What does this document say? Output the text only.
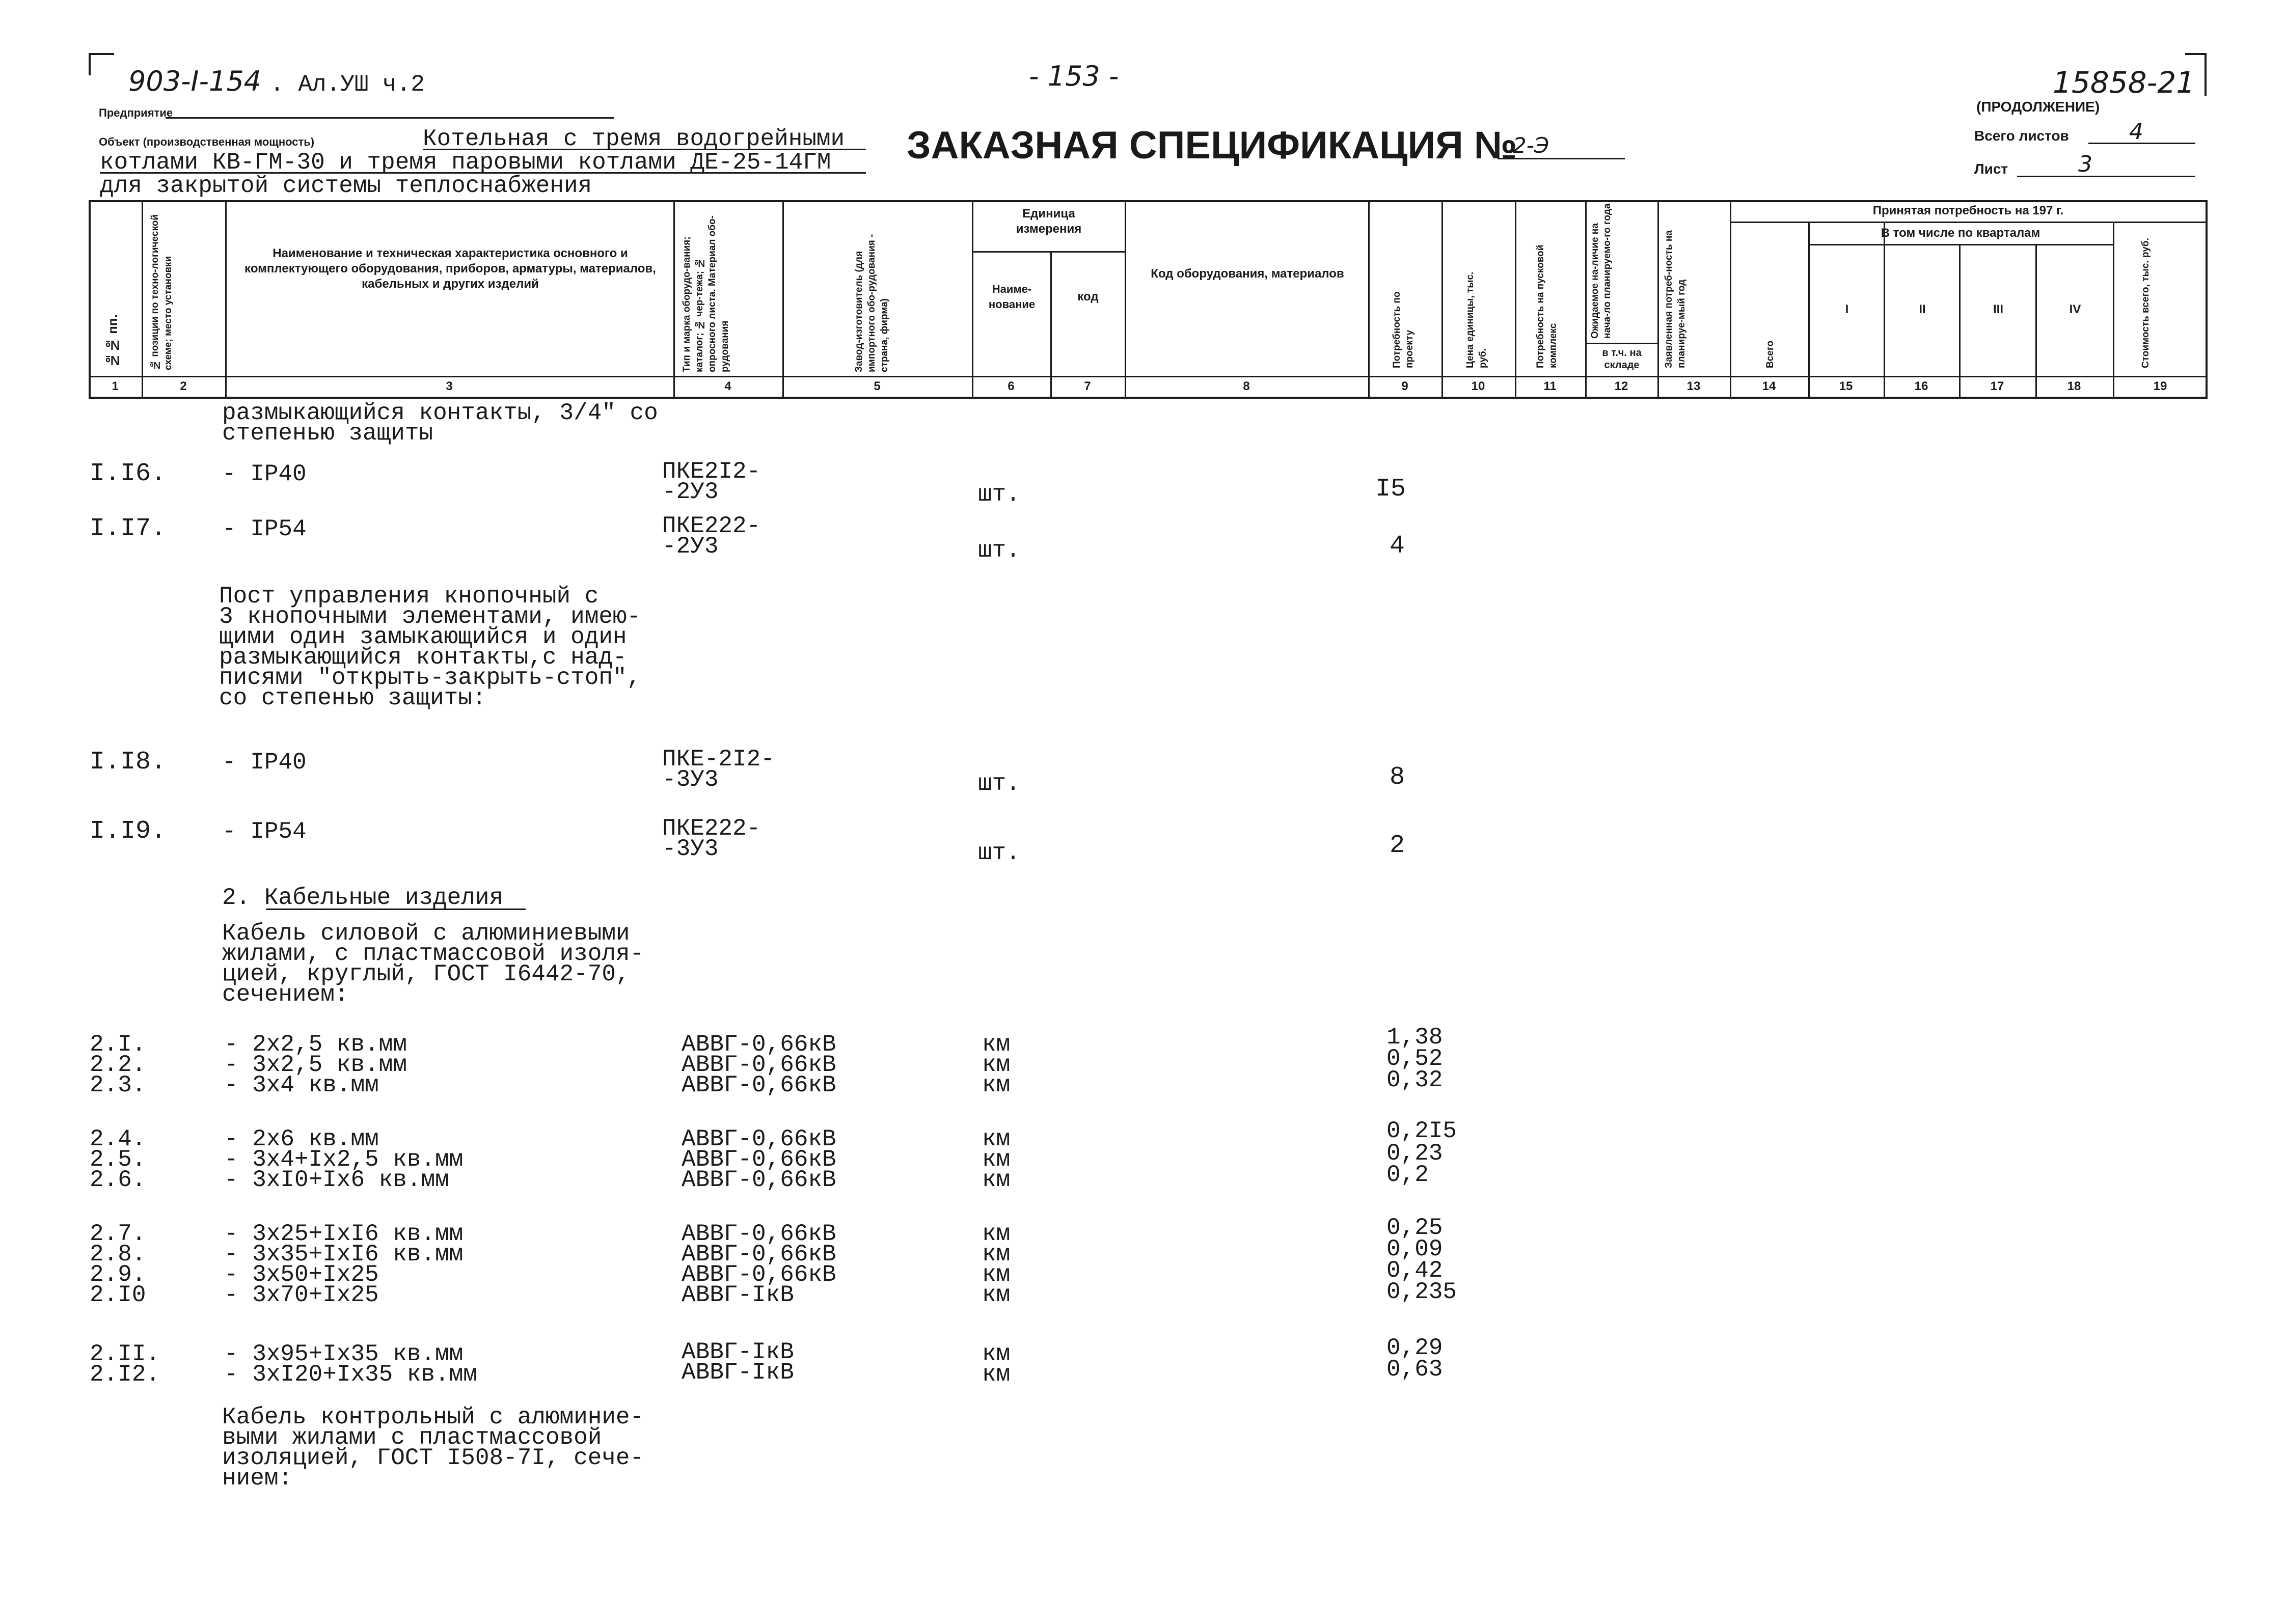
903-I-154 . Ал.УШ ч.2	- 153 -	15858-21
(ПРОДОЛЖЕНИЕ)
Предприятие
Объект (производственная мощность)	Котельная с тремя водогрейными
котлами КВ-ГМ-30 и тремя паровыми котлами ДЕ-25-14ГМ
для закрытой системы теплоснабжения
ЗАКАЗНАЯ СПЕЦИФИКАЦИЯ №
2-Э	Всего листов	4
Лист	3
№№ пп.	№ позиции по техно-логической схеме; место установки
Наименование и техническая характеристика основного и комплектующего оборудования, приборов, арматуры, материалов, кабельных и других изделий	Тип и марка оборудо-вания; каталог; № чер-тежа; № опросного листа. Материал обо-рудования	Завод-изготовитель (для импортного обо-рудования - страна, фирма)
Единица измерения
Наиме-нование
код
Код оборудования, материалов
Потребность по проекту	Цена единицы, тыс. руб.	Потребность на пусковой комплекс
Ожидаемое на-личие на нача-ло планируемо-го года
в т.ч. на складе	Заявленная потреб-ность на планируе-мый год
Принятая потребность на 197 г.
В том числе по кварталам
Всего
I	II	III	IV	Стоимость всего, тыс. руб.
1	2	3	4	5	6	7	8	9	10	11	12	13	14	15	16	17	18	19
размыкающийся контакты, 3/4" со
степенью защиты
I.I6. - IP40	ПКЕ2I2-
-2У3	шт.	I5
I.I7. - IP54	ПКЕ222-
-2У3	шт.	4
Пост управления кнопочный с
3 кнопочными элементами, имею-
щими один замыкающийся и один
размыкающийся контакты,с над-
писями "открыть-закрыть-стоп",
со степенью защиты:
I.I8. - IP40	ПКЕ-2I2-
-3У3	шт.	8
I.I9. - IP54	ПКЕ222-
-3У3	шт.	2
2. Кабельные изделия
Кабель силовой с алюминиевыми
жилами, с пластмассовой изоля-
цией, круглый, ГОСТ I6442-70,
сечением:
2.I.	- 2x2,5 кв.мм	АВВГ-0,66кВ	км	1,38
2.2.	- 3x2,5 кв.мм	АВВГ-0,66кВ	км	0,52
2.3.	- 3x4 кв.мм	АВВГ-0,66кВ	км	0,32
2.4.	- 2x6 кв.мм	АВВГ-0,66кВ	км	0,2I5
2.5.	- 3x4+Ix2,5 кв.мм	АВВГ-0,66кВ	км	0,23
2.6.	- 3xI0+Ix6 кв.мм	АВВГ-0,66кВ	км	0,2
2.7.	- 3x25+IxI6 кв.мм	АВВГ-0,66кВ	км	0,25
2.8.	- 3x35+IxI6 кв.мм	АВВГ-0,66кВ	км	0,09
2.9.	- 3x50+Ix25	АВВГ-0,66кВ	км	0,42
2.I0	- 3x70+Ix25	АВВГ-IкВ	км	0,235
2.II.	- 3x95+Ix35 кв.мм	АВВГ-IкВ	км	0,29
2.I2.	- 3xI20+Ix35 кв.мм	АВВГ-IкВ	км	0,63
Кабель контрольный с алюминие-
выми жилами с пластмассовой
изоляцией, ГОСТ I508-7I, сече-
нием:
